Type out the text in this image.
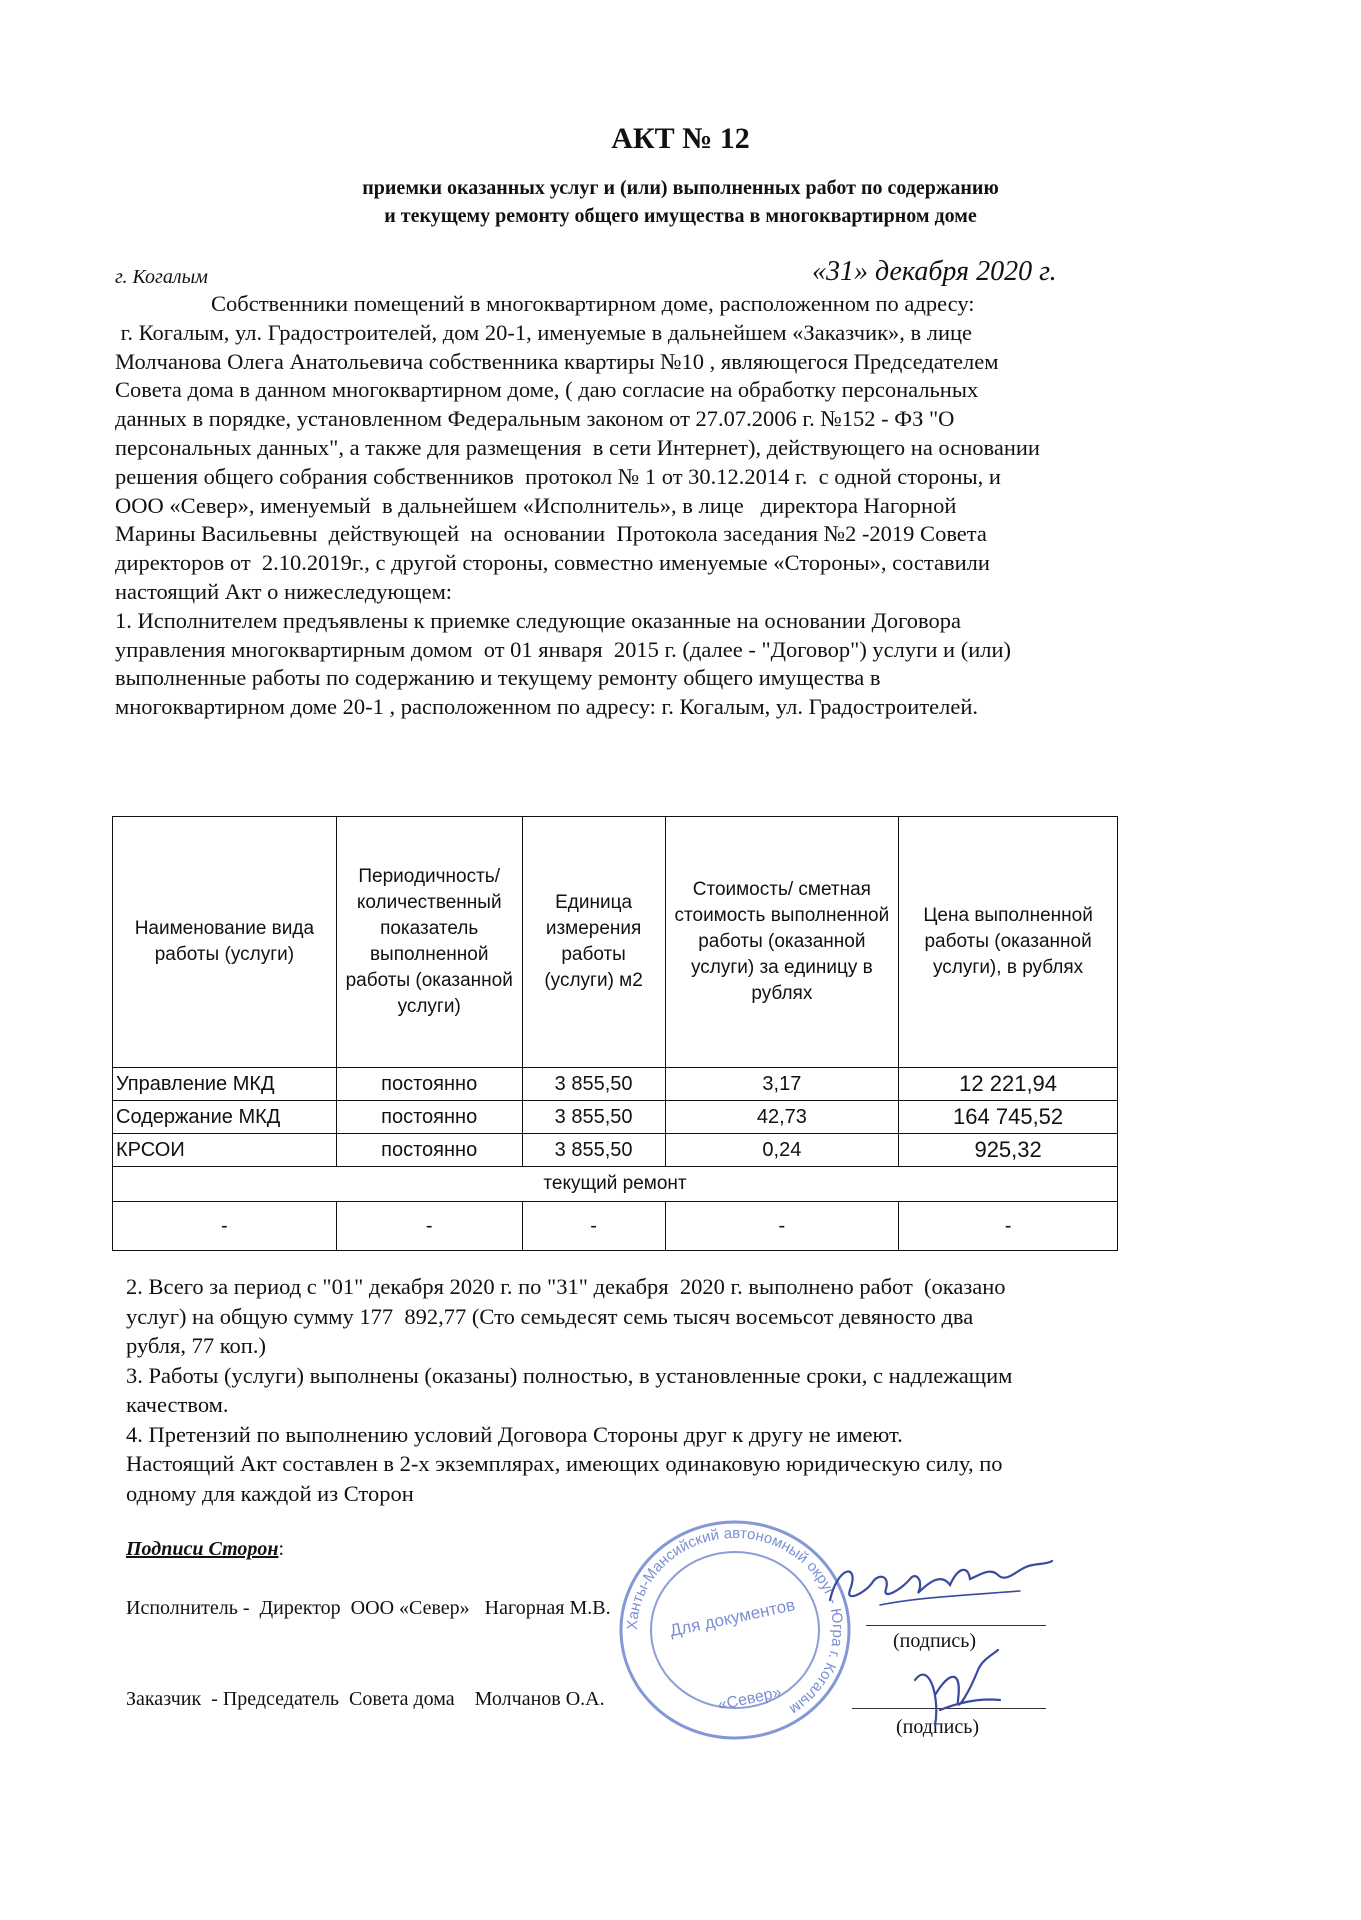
АКТ № 12
приемки оказанных услуг и (или) выполненных работ по содержанию
и текущему ремонту общего имущества в многоквартирном доме
г. Когалым	«31» декабря 2020 г.

Собственники помещений в многоквартирном доме, расположенном по адресу:

г. Когалым, ул. Градостроителей, дом 20-1, именуемые в дальнейшем «Заказчик», в лице

Молчанова Олега Анатольевича собственника квартиры №10 , являющегося Председателем

Совета дома в данном многоквартирном доме, ( даю согласие на обработку персональных

данных в порядке, установленном Федеральным законом от 27.07.2006 г. №152 - ФЗ "О

персональных данных", а также для размещения  в сети Интернет), действующего на основании

решения общего собрания собственников  протокол № 1 от 30.12.2014 г.  с одной стороны, и

ООО «Север», именуемый  в дальнейшем «Исполнитель», в лице   директора Нагорной

Марины Васильевны  действующей  на  основании  Протокола заседания №2 -2019 Совета

директоров от  2.10.2019г., с другой стороны, совместно именуемые «Стороны», составили

настоящий Акт о нижеследующем:

1. Исполнителем предъявлены к приемке следующие оказанные на основании Договора

управления многоквартирным домом  от 01 января  2015 г. (далее - "Договор") услуги и (или)

выполненные работы по содержанию и текущему ремонту общего имущества в

многоквартирном доме 20-1 , расположенном по адресу: г. Когалым, ул. Градостроителей.

Наименование вида работы (услуги)	Периодичность/ количественный показатель выполненной работы (оказанной услуги)	Единица измерения работы (услуги) м2	Стоимость/ сметная стоимость выполненной работы (оказанной услуги) за единицу в рублях	Цена выполненной работы (оказанной услуги), в рублях
Управление МКД	постоянно	3 855,50	3,17	12 221,94
Содержание МКД	постоянно	3 855,50	42,73	164 745,52
КРСОИ	постоянно	3 855,50	0,24	925,32
текущий ремонт				
-	-	-	-	-

2. Всего за период с "01" декабря 2020 г. по "31" декабря  2020 г. выполнено работ  (оказано

услуг) на общую сумму 177  892,77 (Сто семьдесят семь тысяч восемьсот девяносто два

рубля, 77 коп.)

3. Работы (услуги) выполнены (оказаны) полностью, в установленные сроки, с надлежащим

качеством.

4. Претензий по выполнению условий Договора Стороны друг к другу не имеют.

Настоящий Акт составлен в 2-х экземплярах, имеющих одинаковую юридическую силу, по

одному для каждой из Сторон

Подписи Сторон:
Исполнитель -  Директор  ООО «Север»   Нагорная М.В.
(подпись)
Заказчик  - Председатель  Совета дома    Молчанов О.А.
(подпись)
Ханты-Мансийский автономный округ - Югра г. Когалым
Для документов
«Север»
